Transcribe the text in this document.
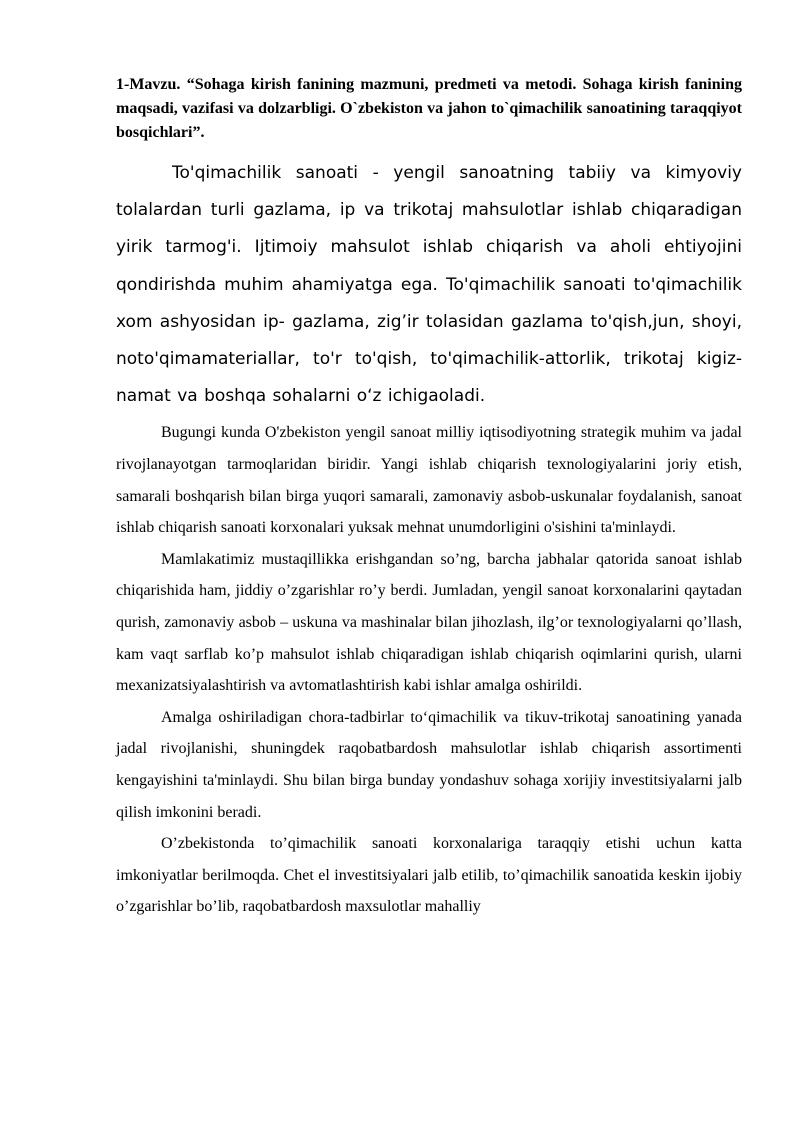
1-Mavzu. “Sohaga kirish fanining mazmuni, predmeti va metodi. Sohaga kirish fanining maqsadi, vazifasi va dolzarbligi. O`zbekiston va jahon to`qimachilik sanoatining taraqqiyot bosqichlari”.

To'qimachilik sanoati - yengil sanoatning tabiiy va kimyoviy tolalardan turli gazlama, ip va trikotaj mahsulotlar ishlab chiqaradigan yirik tarmog'i. Ijtimoiy mahsulot ishlab chiqarish va aholi ehtiyojini qondirishda muhim ahamiyatga ega. To'qimachilik sanoati to'qimachilik xom ashyosidan ip- gazlama, zig’ir tolasidan gazlama to'qish,jun, shoyi, noto'qimamateriallar, to'r to'qish, to'qimachilik-attorlik, trikotaj kigiz-namat va boshqa sohalarni o‘z ichigaoladi.

Bugungi kunda O'zbekiston yengil sanoat milliy iqtisodiyotning strategik muhim va jadal rivojlanayotgan tarmoqlaridan biridir. Yangi ishlab chiqarish texnologiyalarini joriy etish, samarali boshqarish bilan birga yuqori samarali, zamonaviy asbob-uskunalar foydalanish, sanoat ishlab chiqarish sanoati korxonalari yuksak mehnat unumdorligini o'sishini ta'minlaydi.

Mamlakatimiz mustaqillikka erishgandan so’ng, barcha jabhalar qatorida sanoat ishlab chiqarishida ham, jiddiy o’zgarishlar ro’y berdi. Jumladan, yengil sanoat korxonalarini qaytadan qurish, zamonaviy asbob – uskuna va mashinalar bilan jihozlash, ilg’or texnologiyalarni qo’llash, kam vaqt sarflab ko’p mahsulot ishlab chiqaradigan ishlab chiqarish oqimlarini qurish, ularni mexanizatsiyalashtirish va avtomatlashtirish kabi ishlar amalga oshirildi.

Amalga oshiriladigan chora-tadbirlar to‘qimachilik va tikuv-trikotaj sanoatining yanada jadal rivojlanishi, shuningdek raqobatbardosh mahsulotlar ishlab chiqarish assortimenti kengayishini ta'minlaydi. Shu bilan birga bunday yondashuv sohaga xorijiy investitsiyalarni jalb qilish imkonini beradi.

O’zbekistonda to’qimachilik sanoati korxonalariga taraqqiy etishi uchun katta imkoniyatlar berilmoqda. Chet el investitsiyalari jalb etilib, to’qimachilik sanoatida keskin ijobiy o’zgarishlar bo’lib, raqobatbardosh maxsulotlar mahalliy
